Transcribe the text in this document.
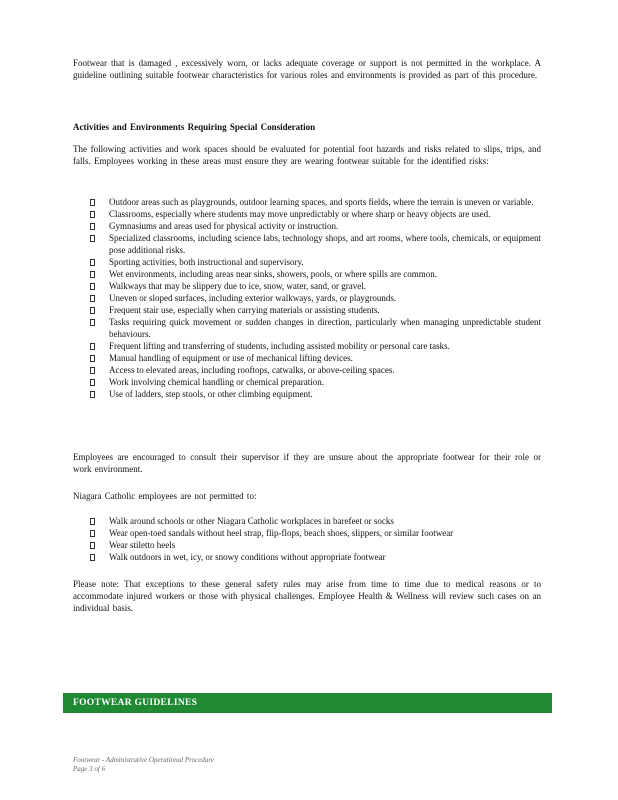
Footwear that is damaged , excessively worn, or lacks adequate coverage or support is not permitted in the workplace. A guideline outlining suitable footwear characteristics for various roles and environments is provided as part of this procedure.

Activities and Environments Requiring Special Consideration

The following activities and work spaces should be evaluated for potential foot hazards and risks related to slips, trips, and falls. Employees working in these areas must ensure they are wearing footwear suitable for the identified risks:

Outdoor areas such as playgrounds, outdoor learning spaces, and sports fields, where the terrain is uneven or variable.
Classrooms, especially where students may move unpredictably or where sharp or heavy objects are used.
Gymnasiums and areas used for physical activity or instruction.
Specialized classrooms, including science labs, technology shops, and art rooms, where tools, chemicals, or equipment pose additional risks.
Sporting activities, both instructional and supervisory.
Wet environments, including areas near sinks, showers, pools, or where spills are common.
Walkways that may be slippery due to ice, snow, water, sand, or gravel.
Uneven or sloped surfaces, including exterior walkways, yards, or playgrounds.
Frequent stair use, especially when carrying materials or assisting students.
Tasks requiring quick movement or sudden changes in direction, particularly when managing unpredictable student behaviours.
Frequent lifting and transferring of students, including assisted mobility or personal care tasks.
Manual handling of equipment or use of mechanical lifting devices.
Access to elevated areas, including rooftops, catwalks, or above-ceiling spaces.
Work involving chemical handling or chemical preparation.
Use of ladders, step stools, or other climbing equipment.

Employees are encouraged to consult their supervisor if they are unsure about the appropriate footwear for their role or work environment.

Niagara Catholic employees are not permitted to:

Walk around schools or other Niagara Catholic workplaces in barefeet or socks
Wear open-toed sandals without heel strap, flip-flops, beach shoes, slippers, or similar footwear
Wear stiletto heels
Walk outdoors in wet, icy, or snowy conditions without appropriate footwear

Please note: That exceptions to these general safety rules may arise from time to time due to medical reasons or to accommodate injured workers or those with physical challenges. Employee Health & Wellness will review such cases on an individual basis.

FOOTWEAR GUIDELINES
Footwear - Administrative Operational Procedure
Page 3 of 6
